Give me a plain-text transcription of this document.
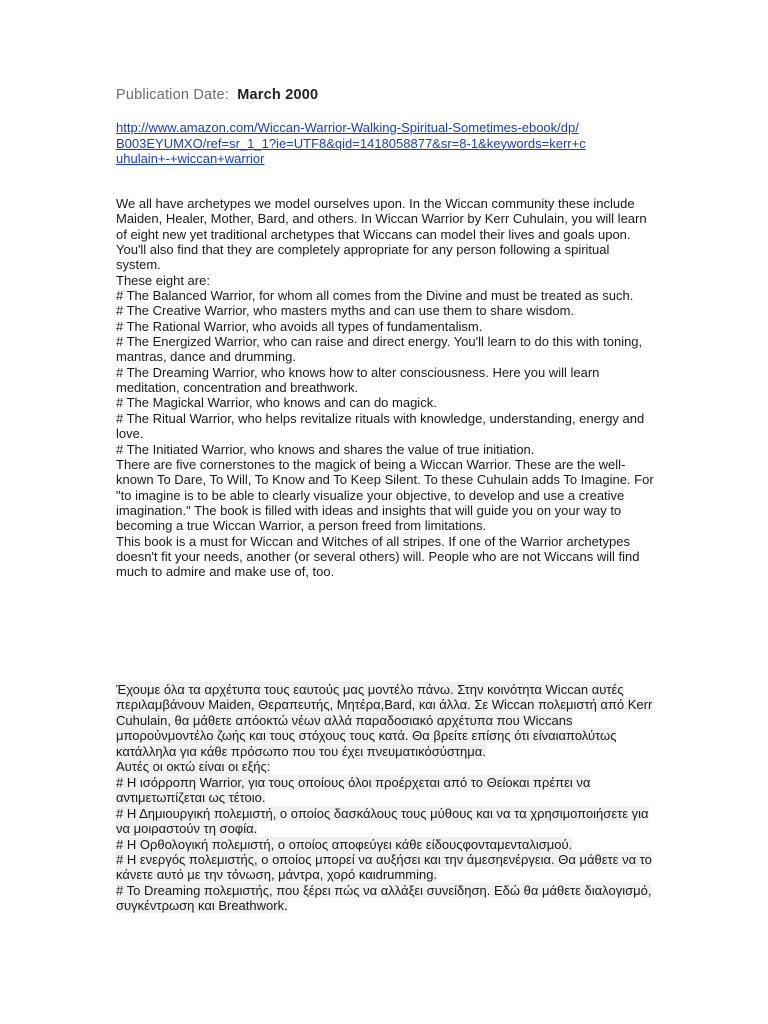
Publication Date: March 2000
http://www.amazon.com/Wiccan-Warrior-Walking-Spiritual-Sometimes-ebook/dp/B003EYUMXO/ref=sr_1_1?ie=UTF8&qid=1418058877&sr=8-1&keywords=kerr+cuhulain+-+wiccan+warrior

We all have archetypes we model ourselves upon. In the Wiccan community these include Maiden, Healer, Mother, Bard, and others. In Wiccan Warrior by Kerr Cuhulain, you will learn of eight new yet traditional archetypes that Wiccans can model their lives and goals upon. You'll also find that they are completely appropriate for any person following a spiritual system.

These eight are:

# The Balanced Warrior, for whom all comes from the Divine and must be treated as such.

# The Creative Warrior, who masters myths and can use them to share wisdom.

# The Rational Warrior, who avoids all types of fundamentalism.

# The Energized Warrior, who can raise and direct energy. You'll learn to do this with toning, mantras, dance and drumming.

# The Dreaming Warrior, who knows how to alter consciousness. Here you will learn meditation, concentration and breathwork.

# The Magickal Warrior, who knows and can do magick.

# The Ritual Warrior, who helps revitalize rituals with knowledge, understanding, energy and love.

# The Initiated Warrior, who knows and shares the value of true initiation.

There are five cornerstones to the magick of being a Wiccan Warrior. These are the well-known To Dare, To Will, To Know and To Keep Silent. To these Cuhulain adds To Imagine. For "to imagine is to be able to clearly visualize your objective, to develop and use a creative imagination." The book is filled with ideas and insights that will guide you on your way to becoming a true Wiccan Warrior, a person freed from limitations.

This book is a must for Wiccan and Witches of all stripes. If one of the Warrior archetypes doesn't fit your needs, another (or several others) will. People who are not Wiccans will find much to admire and make use of, too.

Έχουμε όλα τα αρχέτυπα τους εαυτούς μας μοντέλο πάνω. Στην κοινότητα Wiccan αυτές περιλαμβάνουν Maiden, Θεραπευτής, Μητέρα,Bard, και άλλα. Σε Wiccan πολεμιστή από Kerr Cuhulain, θα μάθετε απόοκτώ νέων αλλά παραδοσιακό αρχέτυπα που Wiccans μπορούνμοντέλο ζωής και τους στόχους τους κατά. Θα βρείτε επίσης ότι είναιαπολύτως κατάλληλα για κάθε πρόσωπο που του έχει πνευματικόσύστημα.

Αυτές οι οκτώ είναι οι εξής:

# Η ισόρροπη Warrior, για τους οποίους όλοι προέρχεται από το Θείοκαι πρέπει να αντιμετωπίζεται ως τέτοιο.

# Η Δημιουργική πολεμιστή, ο οποίος δασκάλους τους μύθους και να τα χρησιμοποιήσετε για να μοιραστούν τη σοφία.

# Η Ορθολογική πολεμιστή, ο οποίος αποφεύγει κάθε είδουςφονταμενταλισμού.

# Η ενεργός πολεμιστής, ο οποίος μπορεί να αυξήσει και την άμεσηενέργεια. Θα μάθετε να το κάνετε αυτό με την τόνωση, μάντρα, χορό καιdrumming.

# Το Dreaming πολεμιστής, που ξέρει πώς να αλλάξει συνείδηση. Εδώ θα μάθετε διαλογισμό, συγκέντρωση και Breathwork.
